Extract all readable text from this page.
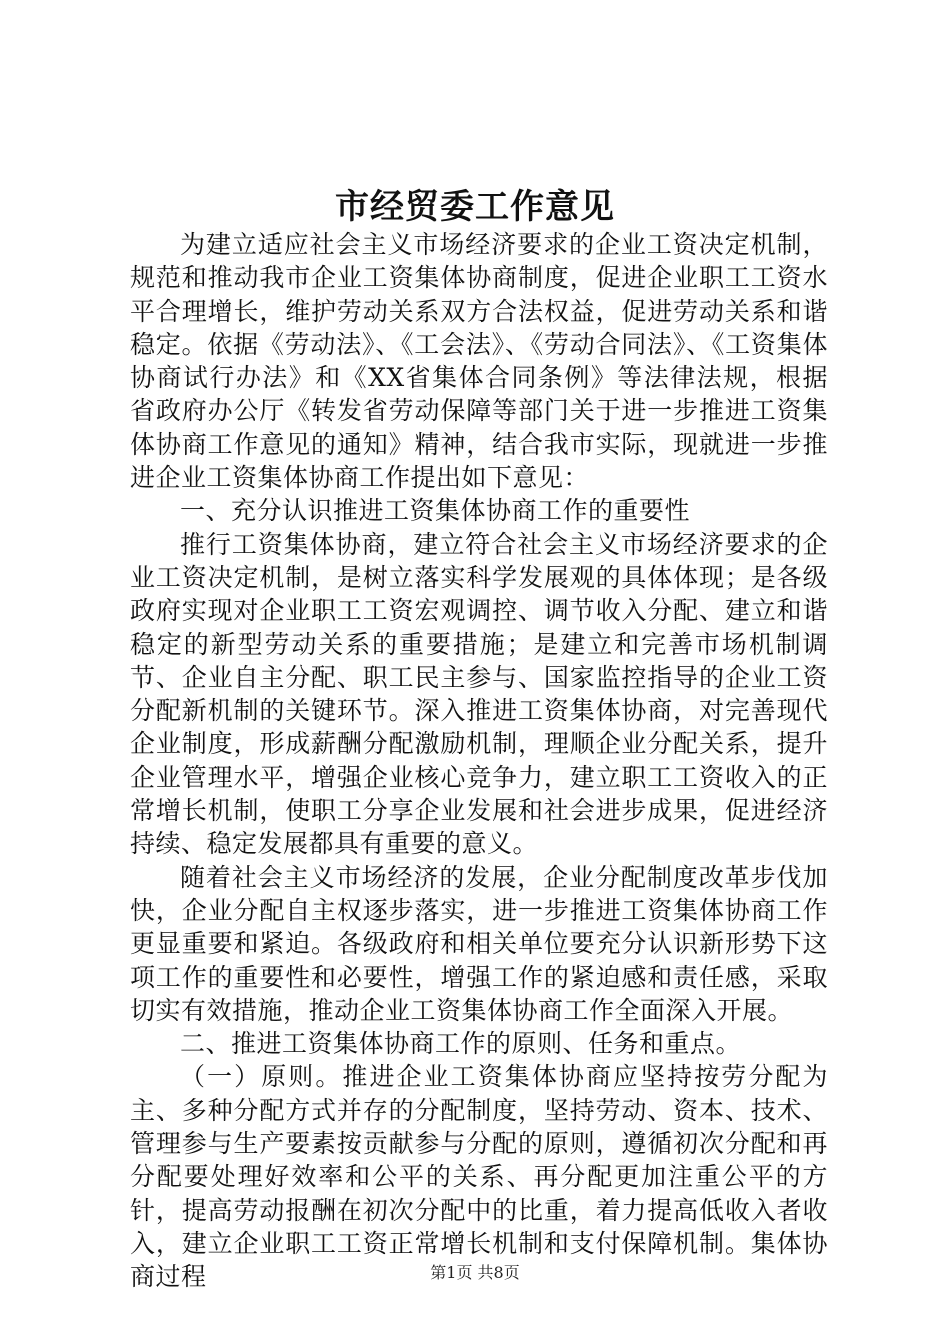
市经贸委工作意见

为建立适应社会主义市场经济要求的企业工资决定机制，规范和推动我市企业工资集体协商制度，促进企业职工工资水平合理增长，维护劳动关系双方合法权益，促进劳动关系和谐稳定。依据《劳动法》、《工会法》、《劳动合同法》、《工资集体协商试行办法》和《XX省集体合同条例》等法律法规，根据省政府办公厅《转发省劳动保障等部门关于进一步推进工资集体协商工作意见的通知》精神，结合我市实际，现就进一步推进企业工资集体协商工作提出如下意见：

一、充分认识推进工资集体协商工作的重要性

推行工资集体协商，建立符合社会主义市场经济要求的企业工资决定机制，是树立落实科学发展观的具体体现；是各级政府实现对企业职工工资宏观调控、调节收入分配、建立和谐稳定的新型劳动关系的重要措施；是建立和完善市场机制调节、企业自主分配、职工民主参与、国家监控指导的企业工资分配新机制的关键环节。深入推进工资集体协商，对完善现代企业制度，形成薪酬分配激励机制，理顺企业分配关系，提升企业管理水平，增强企业核心竞争力，建立职工工资收入的正常增长机制，使职工分享企业发展和社会进步成果，促进经济持续、稳定发展都具有重要的意义。

随着社会主义市场经济的发展，企业分配制度改革步伐加快，企业分配自主权逐步落实，进一步推进工资集体协商工作更显重要和紧迫。各级政府和相关单位要充分认识新形势下这项工作的重要性和必要性，增强工作的紧迫感和责任感，采取切实有效措施，推动企业工资集体协商工作全面深入开展。

二、推进工资集体协商工作的原则、任务和重点。

（一）原则。推进企业工资集体协商应坚持按劳分配为主、多种分配方式并存的分配制度，坚持劳动、资本、技术、管理参与生产要素按贡献参与分配的原则，遵循初次分配和再分配要处理好效率和公平的关系、再分配更加注重公平的方针，提高劳动报酬在初次分配中的比重，着力提高低收入者收入，建立企业职工工资正常增长机制和支付保障机制。集体协商过程	第1页 共8页
